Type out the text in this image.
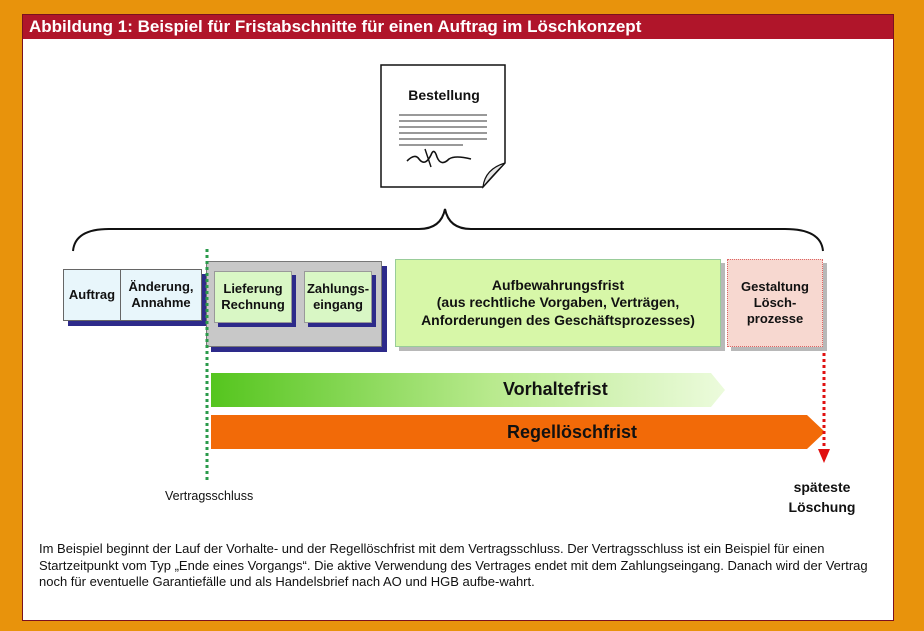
Abbildung 1: Beispiel für Fristabschnitte für einen Auftrag im Löschkonzept
Bestellung
Auftrag
Änderung,
Annahme
Lieferung
Rechnung
Zahlungs-
eingang
Aufbewahrungsfrist
(aus rechtliche Vorgaben, Verträgen,
Anforderungen des Geschäftsprozesses)
Gestaltung
Lösch-
prozesse
Vorhaltefrist
Regellöschfrist
Vertragsschluss
späteste
Löschung
Im Beispiel beginnt der Lauf der Vorhalte- und der Regellöschfrist mit dem Vertragsschluss. Der Vertragsschluss ist ein Beispiel für einen Startzeitpunkt vom Typ „Ende eines Vorgangs“. Die aktive Verwendung des Vertrages endet mit dem Zahlungseingang. Danach wird der Vertrag noch für eventuelle Garantiefälle und als Handelsbrief nach AO und HGB aufbe-wahrt.
